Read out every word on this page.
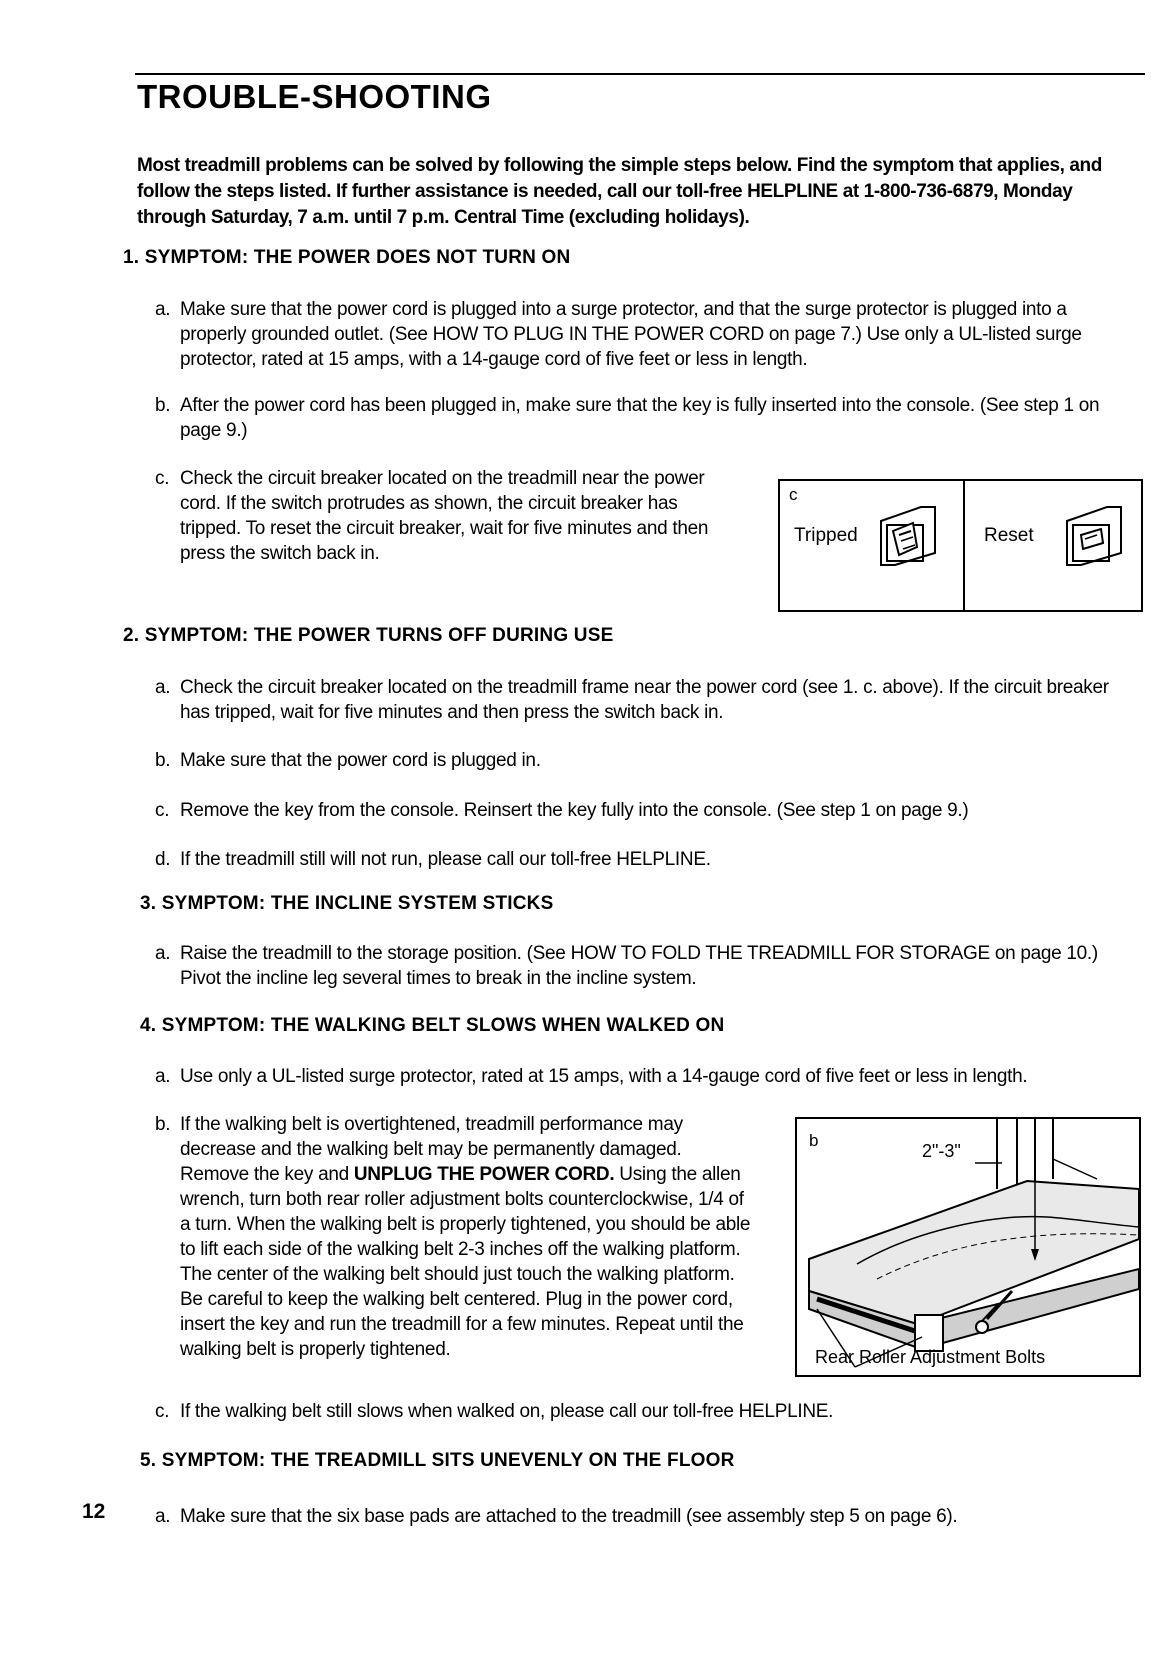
TROUBLE-SHOOTING
Most treadmill problems can be solved by following the simple steps below. Find the symptom that applies, and follow the steps listed. If further assistance is needed, call our toll-free HELPLINE at 1-800-736-6879, Monday through Saturday, 7 a.m. until 7 p.m. Central Time (excluding holidays).
1. SYMPTOM: THE POWER DOES NOT TURN ON
a. Make sure that the power cord is plugged into a surge protector, and that the surge protector is plugged into a properly grounded outlet. (See HOW TO PLUG IN THE POWER CORD on page 7.) Use only a UL-listed surge protector, rated at 15 amps, with a 14-gauge cord of five feet or less in length.
b. After the power cord has been plugged in, make sure that the key is fully inserted into the console. (See step 1 on page 9.)
c. Check the circuit breaker located on the treadmill near the power cord. If the switch protrudes as shown, the circuit breaker has tripped. To reset the circuit breaker, wait for five minutes and then press the switch back in.
c
Tripped	Reset
2. SYMPTOM: THE POWER TURNS OFF DURING USE
a. Check the circuit breaker located on the treadmill frame near the power cord (see 1. c. above). If the circuit breaker has tripped, wait for five minutes and then press the switch back in.
b. Make sure that the power cord is plugged in.
c. Remove the key from the console. Reinsert the key fully into the console. (See step 1 on page 9.)
d. If the treadmill still will not run, please call our toll-free HELPLINE.
3. SYMPTOM: THE INCLINE SYSTEM STICKS
a. Raise the treadmill to the storage position. (See HOW TO FOLD THE TREADMILL FOR STORAGE on page 10.) Pivot the incline leg several times to break in the incline system.
4. SYMPTOM: THE WALKING BELT SLOWS WHEN WALKED ON
a. Use only a UL-listed surge protector, rated at 15 amps, with a 14-gauge cord of five feet or less in length.
b. If the walking belt is overtightened, treadmill performance may decrease and the walking belt may be permanently damaged. Remove the key and UNPLUG THE POWER CORD. Using the allen wrench, turn both rear roller adjustment bolts counterclockwise, 1/4 of a turn. When the walking belt is properly tightened, you should be able to lift each side of the walking belt 2-3 inches off the walking platform. The center of the walking belt should just touch the walking platform. Be careful to keep the walking belt centered. Plug in the power cord, insert the key and run the treadmill for a few minutes. Repeat until the walking belt is properly tightened.
b
2"-3"
Rear Roller Adjustment Bolts
c. If the walking belt still slows when walked on, please call our toll-free HELPLINE.
5. SYMPTOM: THE TREADMILL SITS UNEVENLY ON THE FLOOR
a. Make sure that the six base pads are attached to the treadmill (see assembly step 5 on page 6).
12
